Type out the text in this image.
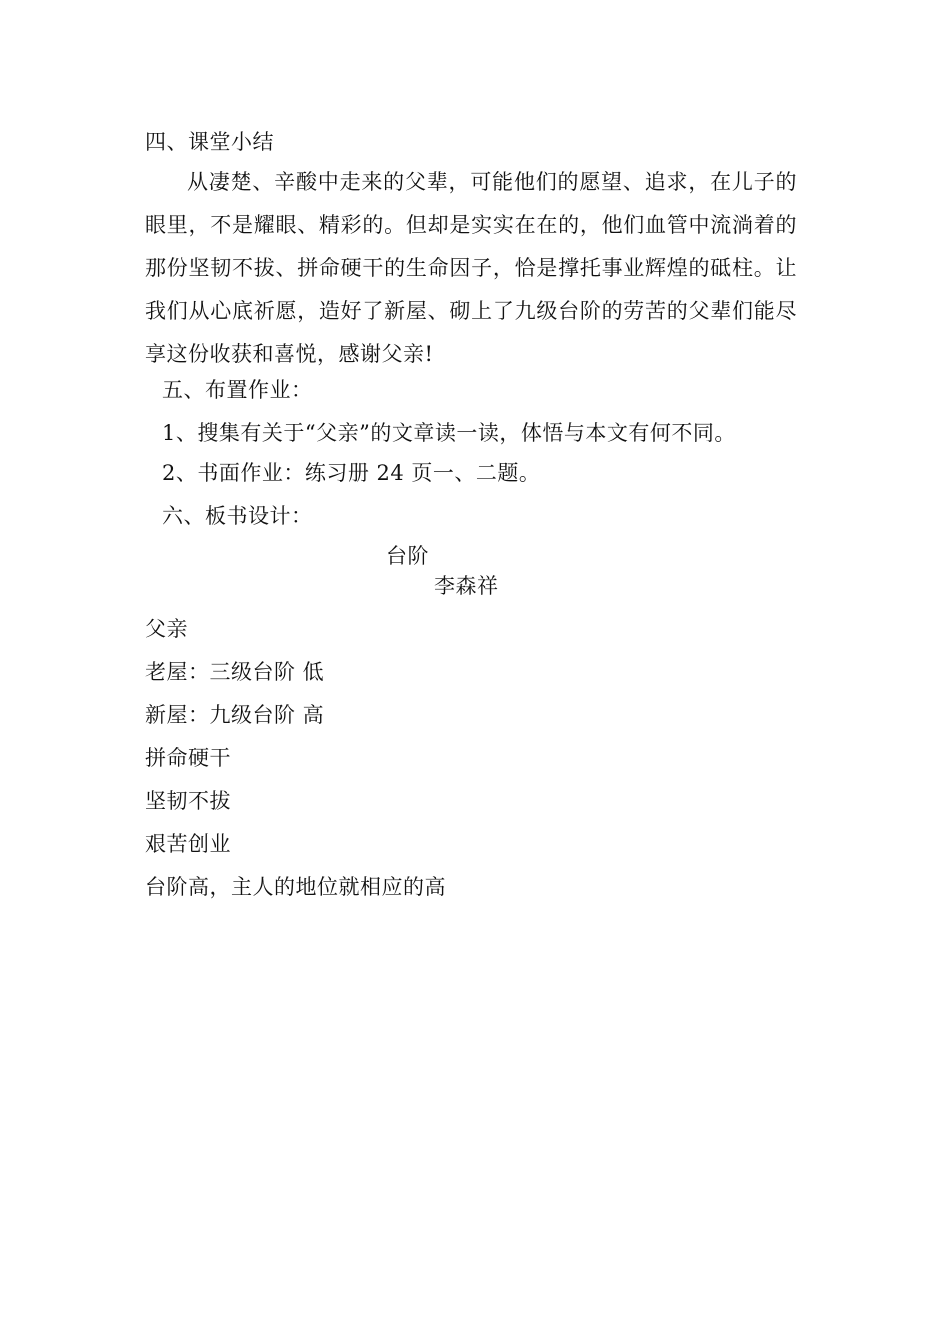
四、课堂小结
从凄楚、辛酸中走来的父辈，可能他们的愿望、追求，在儿子的眼里，不是耀眼、精彩的。但却是实实在在的，他们血管中流淌着的那份坚韧不拔、拼命硬干的生命因子，恰是撑托事业辉煌的砥柱。让我们从心底祈愿，造好了新屋、砌上了九级台阶的劳苦的父辈们能尽享这份收获和喜悦，感谢父亲!
五、布置作业：
1、搜集有关于“父亲”的文章读一读，体悟与本文有何不同。
2、书面作业：练习册 24 页一、二题。
六、板书设计：
台阶
李森祥
父亲
老屋：三级台阶 低
新屋：九级台阶 高
拼命硬干
坚韧不拔
艰苦创业
台阶高，主人的地位就相应的高
